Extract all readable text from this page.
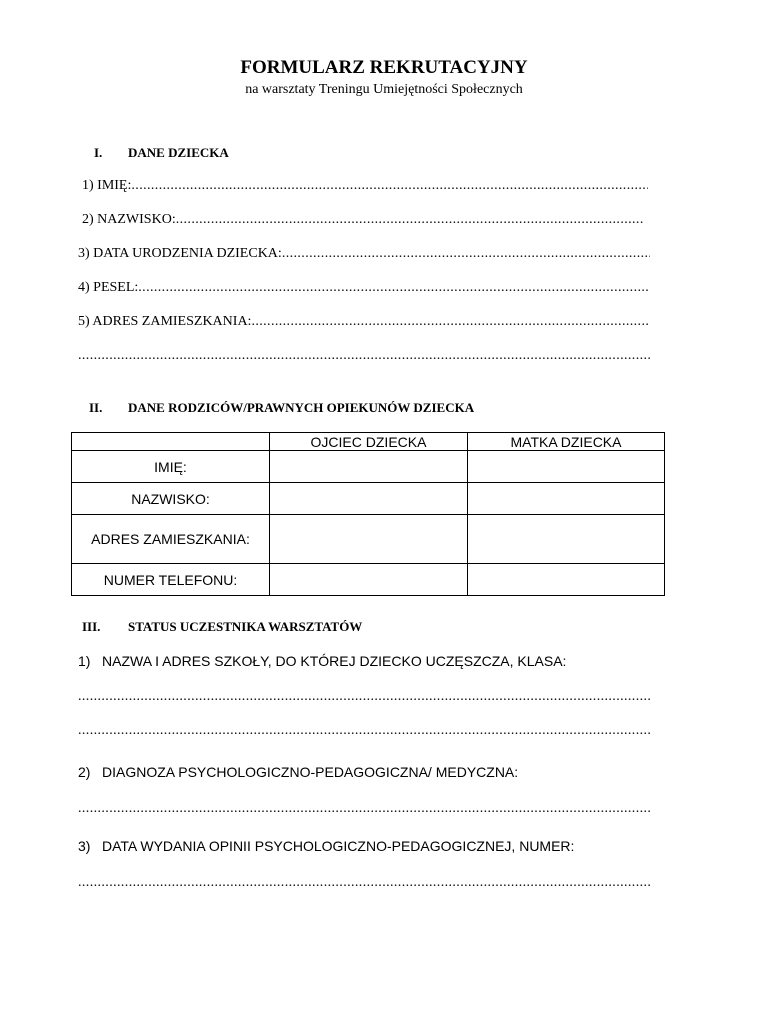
FORMULARZ REKRUTACYJNY
na warsztaty Treningu Umiejętności Społecznych
I. DANE DZIECKA
1) IMIĘ:
.....
2) NAZWISKO:
.....
3) DATA URODZENIA DZIECKA:
.....
4) PESEL:
.....
5) ADRES ZAMIESZKANIA:
.....
.....
II. DANE RODZICÓW/PRAWNYCH OPIEKUNÓW DZIECKA
	OJCIEC DZIECKA	MATKA DZIECKA
IMIĘ:		
NAZWISKO:		
ADRES ZAMIESZKANIA:		
NUMER TELEFONU:		
III. STATUS UCZESTNIKA WARSZTATÓW
1) NAZWA I ADRES SZKOŁY, DO KTÓREJ DZIECKO UCZĘSZCZA, KLASA:
.....
.....
2) DIAGNOZA PSYCHOLOGICZNO-PEDAGOGICZNA/ MEDYCZNA:
.....
3) DATA WYDANIA OPINII PSYCHOLOGICZNO-PEDAGOGICZNEJ, NUMER:
.....
